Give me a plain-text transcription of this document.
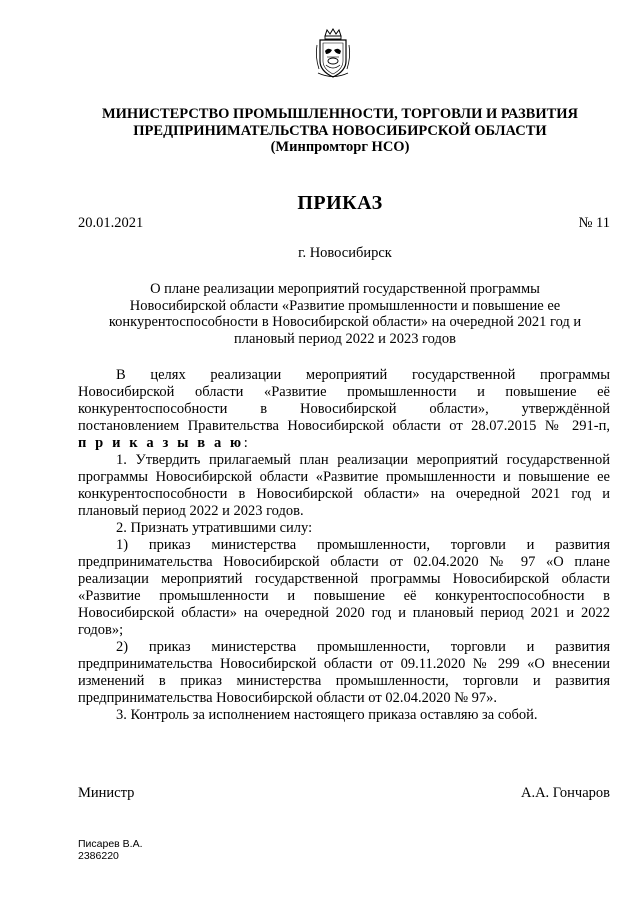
МИНИСТЕРСТВО ПРОМЫШЛЕННОСТИ, ТОРГОВЛИ И РАЗВИТИЯ
ПРЕДПРИНИМАТЕЛЬСТВА НОВОСИБИРСКОЙ ОБЛАСТИ
(Минпромторг НСО)
ПРИКАЗ
20.01.2021	№ 11
г. Новосибирск
О плане реализации мероприятий государственной программы
Новосибирской области «Развитие промышленности и повышение ее
конкурентоспособности в Новосибирской области» на очередной 2021 год и
плановый период 2022 и 2023 годов
В целях реализации мероприятий государственной программы
Новосибирской области «Развитие промышленности и повышение её
конкурентоспособности в Новосибирской области», утверждённой
постановлением Правительства Новосибирской области от 28.07.2015 № 291-п,
п р и к а з ы в а ю:
1. Утвердить прилагаемый план реализации мероприятий государственной
программы Новосибирской области «Развитие промышленности и повышение ее
конкурентоспособности в Новосибирской области» на очередной 2021 год и
плановый период 2022 и 2023 годов.
2. Признать утратившими силу:
1) приказ министерства промышленности, торговли и развития
предпринимательства Новосибирской области от 02.04.2020 № 97 «О плане
реализации мероприятий государственной программы Новосибирской области
«Развитие промышленности и повышение её конкурентоспособности в
Новосибирской области» на очередной 2020 год и плановый период 2021 и 2022
годов»;
2) приказ министерства промышленности, торговли и развития
предпринимательства Новосибирской области от 09.11.2020 № 299 «О внесении
изменений в приказ министерства промышленности, торговли и развития
предпринимательства Новосибирской области от 02.04.2020 № 97».
3. Контроль за исполнением настоящего приказа оставляю за собой.
Министр	А.А. Гончаров
Писарев В.А.
2386220
